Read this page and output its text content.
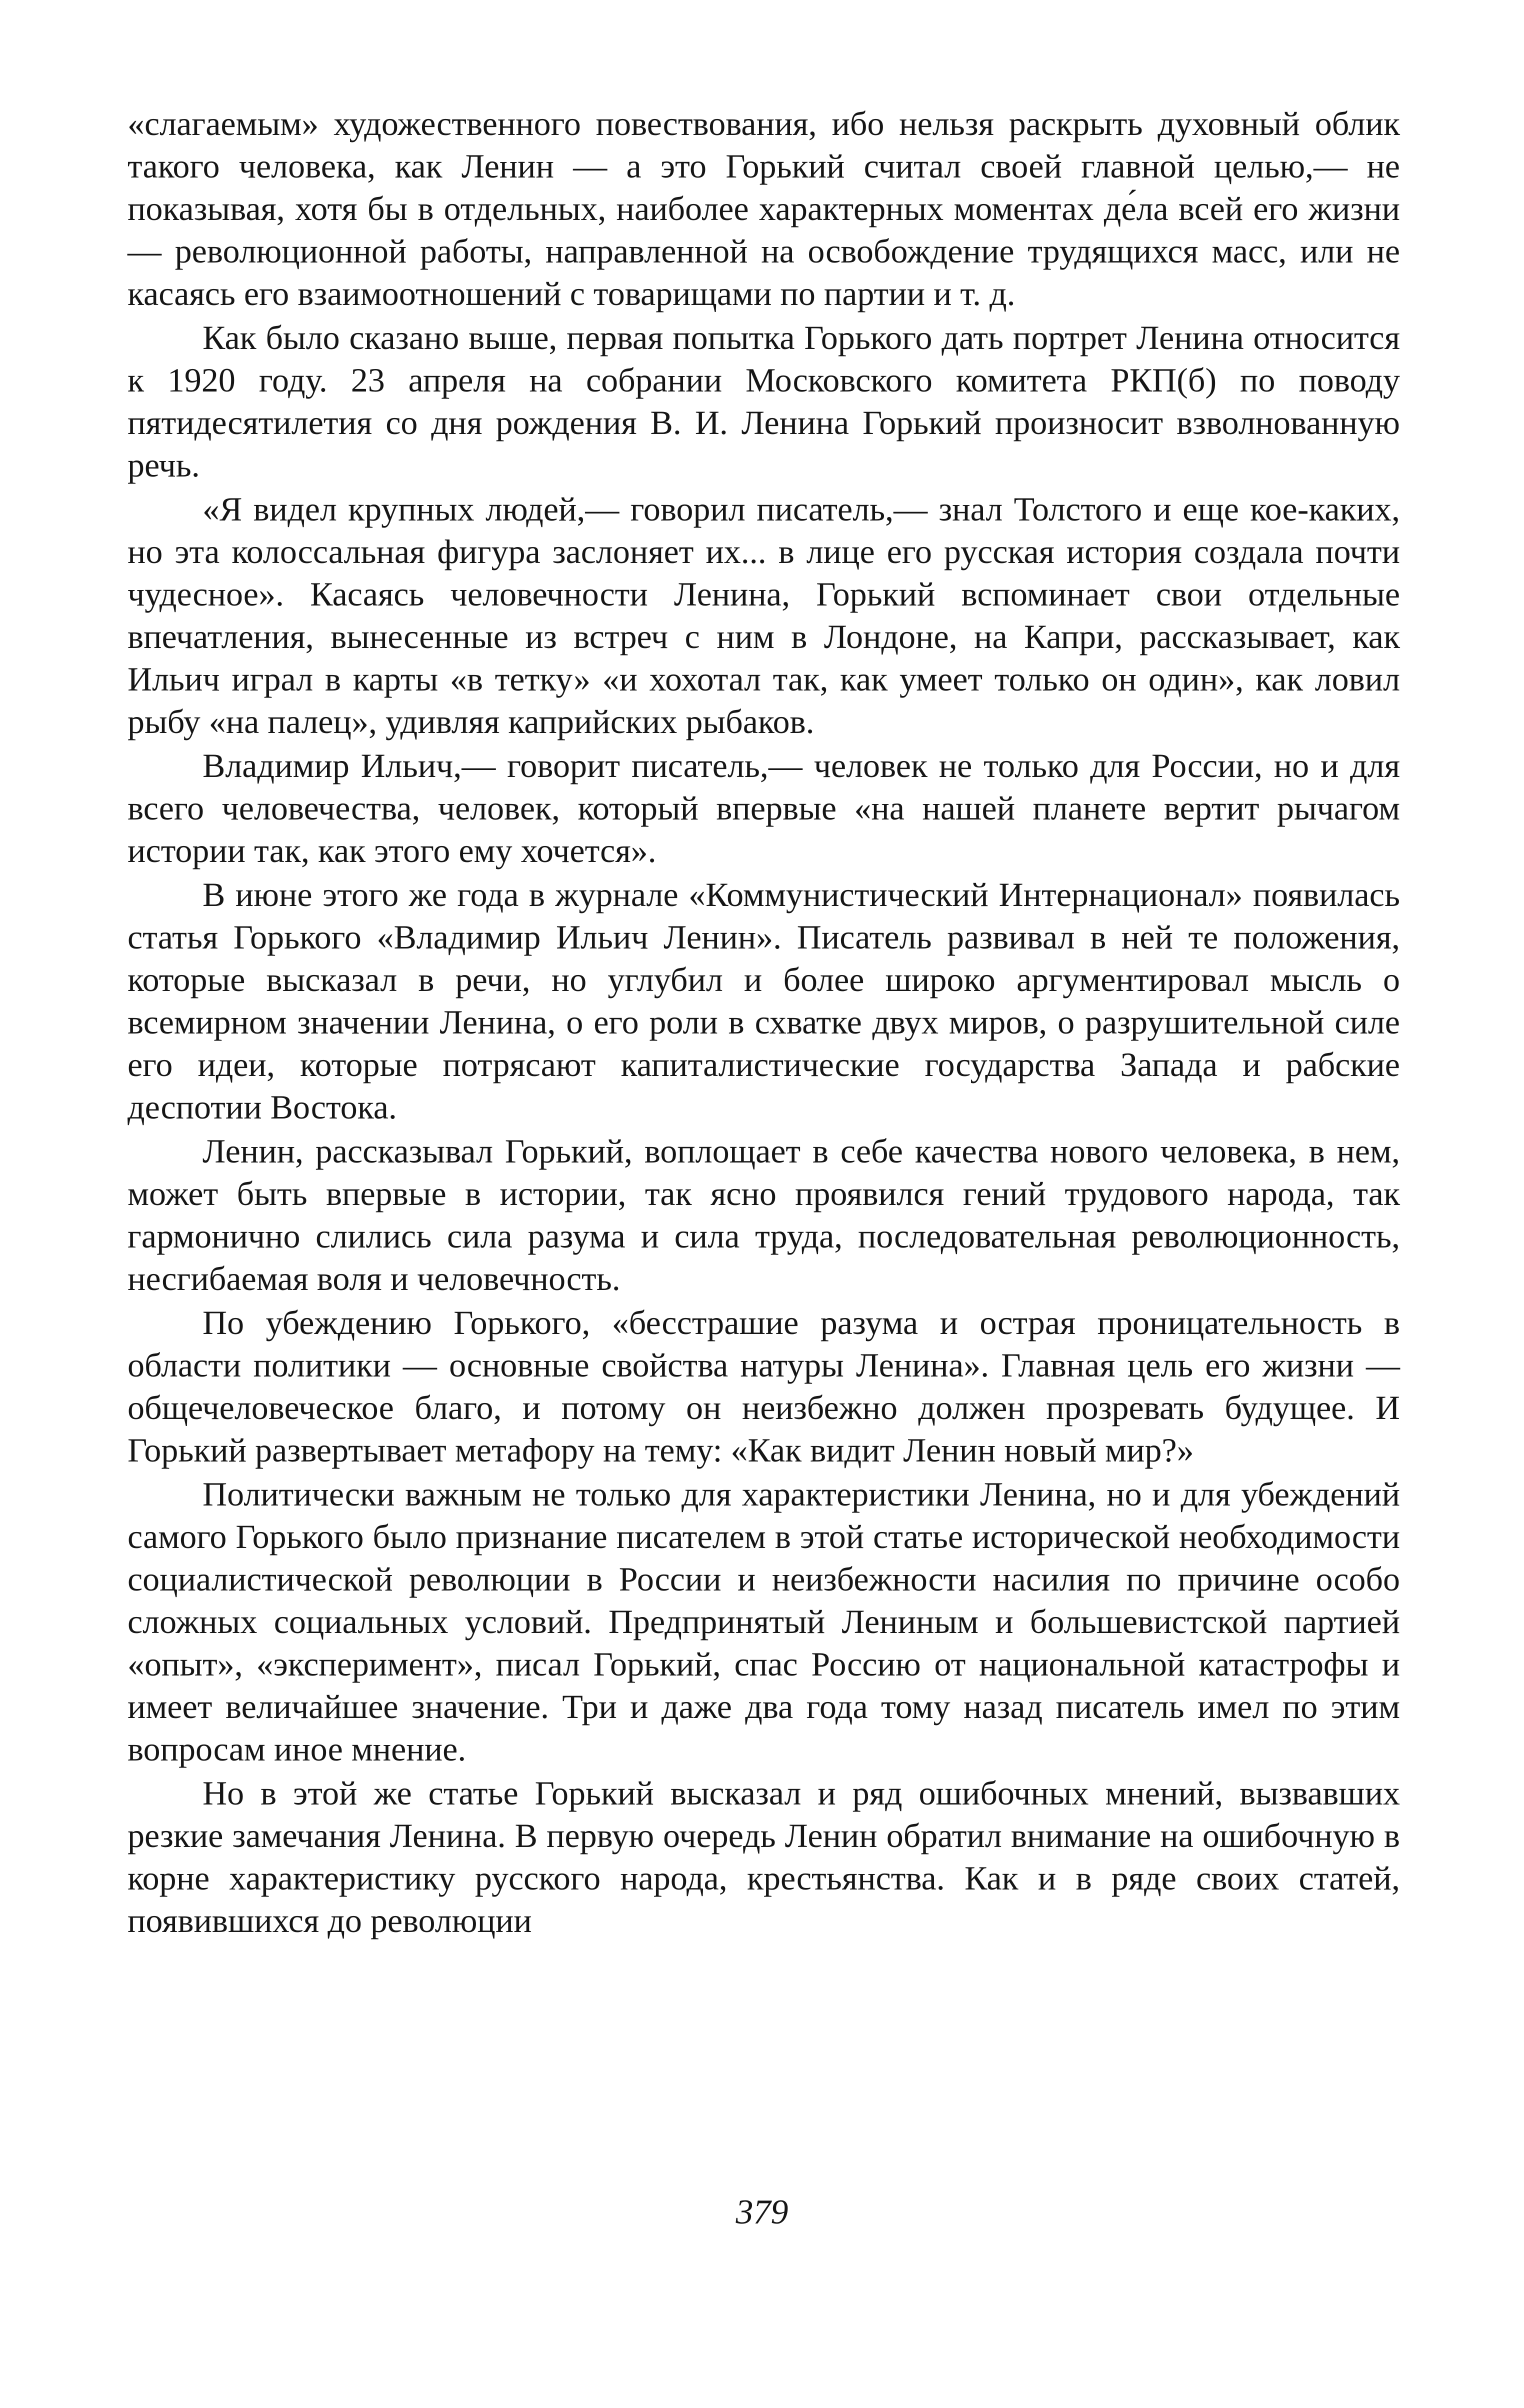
«слагаемым» художественного повествования, ибо нельзя раскрыть духовный облик такого человека, как Ленин — а это Горький считал своей главной целью,— не показывая, хотя бы в отдельных, наиболее характерных моментах де́ла всей его жизни — революционной работы, направленной на освобождение трудящихся масс, или не касаясь его взаимоотношений с товарищами по партии и т. д.

Как было сказано выше, первая попытка Горького дать портрет Ленина относится к 1920 году. 23 апреля на собрании Московского комитета РКП(б) по поводу пятидесятилетия со дня рождения В. И. Ленина Горький произносит взволнованную речь.

«Я видел крупных людей,— говорил писатель,— знал Толстого и еще кое-каких, но эта колоссальная фигура заслоняет их... в лице его русская история создала почти чудесное». Касаясь человечности Ленина, Горький вспоминает свои отдельные впечатления, вынесенные из встреч с ним в Лондоне, на Капри, рассказывает, как Ильич играл в карты «в тетку» «и хохотал так, как умеет только он один», как ловил рыбу «на палец», удивляя каприйских рыбаков.

Владимир Ильич,— говорит писатель,— человек не только для России, но и для всего человечества, человек, который впервые «на нашей планете вертит рычагом истории так, как этого ему хочется».

В июне этого же года в журнале «Коммунистический Интернационал» появилась статья Горького «Владимир Ильич Ленин». Писатель развивал в ней те положения, которые высказал в речи, но углубил и более широко аргументировал мысль о всемирном значении Ленина, о его роли в схватке двух миров, о разрушительной силе его идеи, которые потрясают капиталистические государства Запада и рабские деспотии Востока.

Ленин, рассказывал Горький, воплощает в себе качества нового человека, в нем, может быть впервые в истории, так ясно проявился гений трудового народа, так гармонично слились сила разума и сила труда, последовательная революционность, несгибаемая воля и человечность.

По убеждению Горького, «бесстрашие разума и острая проницательность в области политики — основные свойства натуры Ленина». Главная цель его жизни — общечеловеческое благо, и потому он неизбежно должен прозревать будущее. И Горький развертывает метафору на тему: «Как видит Ленин новый мир?»

Политически важным не только для характеристики Ленина, но и для убеждений самого Горького было признание писателем в этой статье исторической необходимости социалистической революции в России и неизбежности насилия по причине особо сложных социальных условий. Предпринятый Лениным и большевистской партией «опыт», «эксперимент», писал Горький, спас Россию от национальной катастрофы и имеет величайшее значение. Три и даже два года тому назад писатель имел по этим вопросам иное мнение.

Но в этой же статье Горький высказал и ряд ошибочных мнений, вызвавших резкие замечания Ленина. В первую очередь Ленин обратил внимание на ошибочную в корне характеристику русского народа, крестьянства. Как и в ряде своих статей, появившихся до революции

379
